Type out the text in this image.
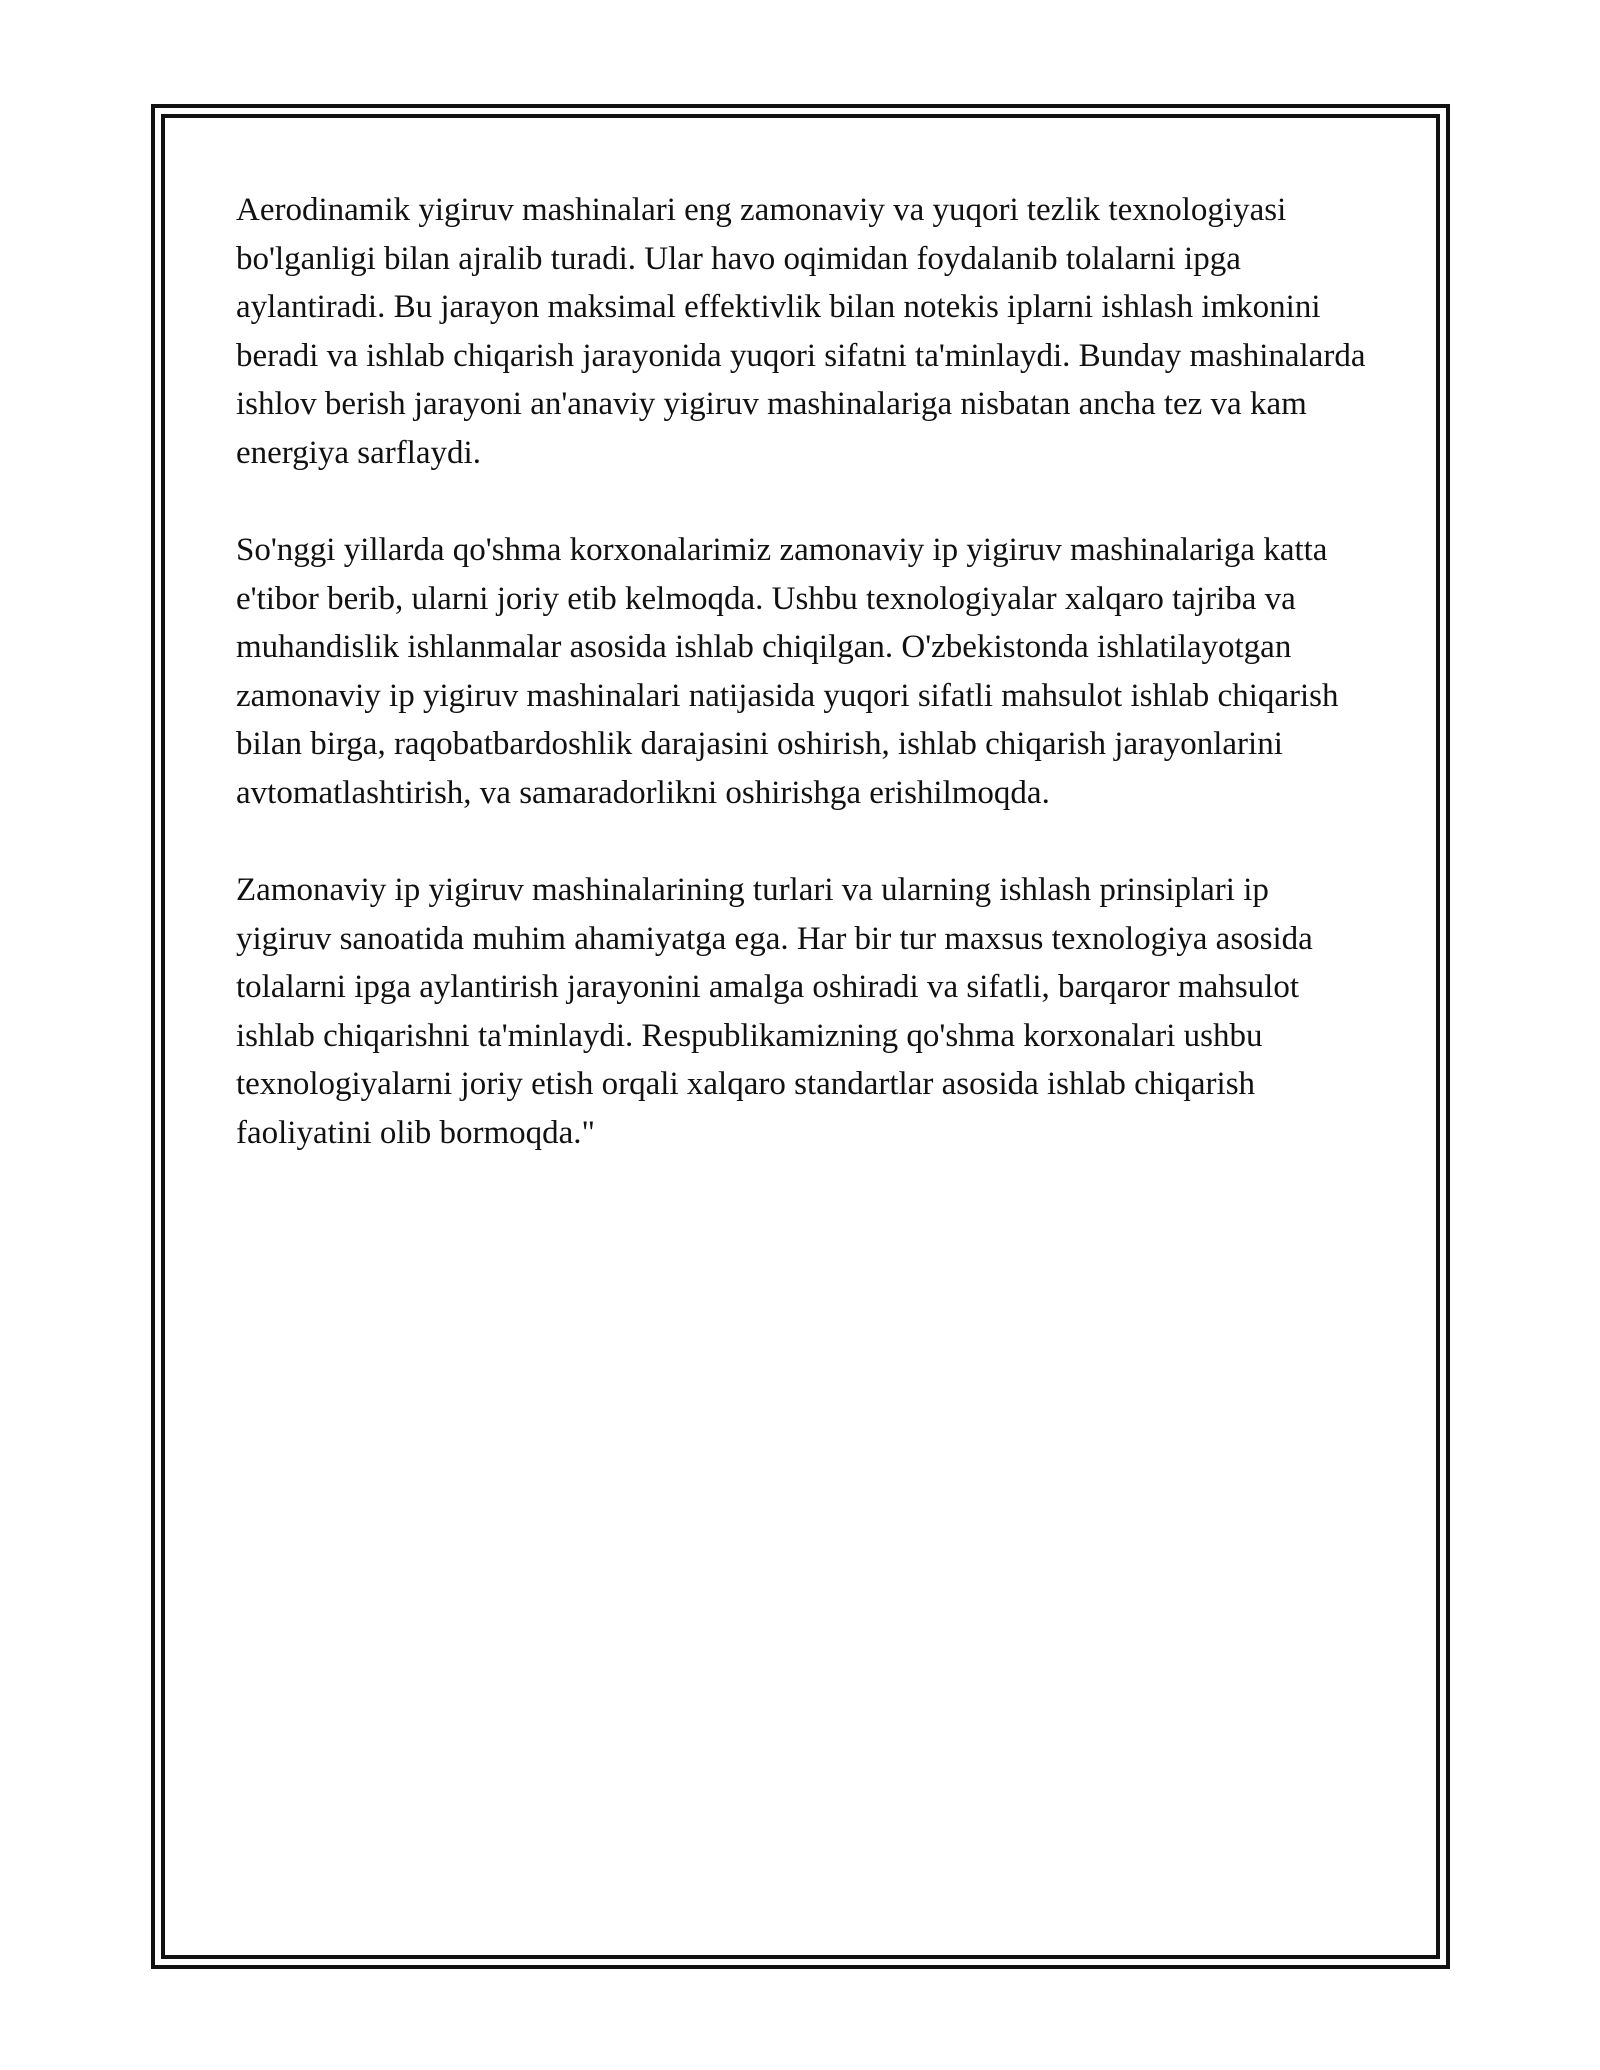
Aerodinamik yigiruv mashinalari eng zamonaviy va yuqori tezlik texnologiyasi bo'lganligi bilan ajralib turadi. Ular havo oqimidan foydalanib tolalarni ipga aylantiradi. Bu jarayon maksimal effektivlik bilan notekis iplarni ishlash imkonini beradi va ishlab chiqarish jarayonida yuqori sifatni ta'minlaydi. Bunday mashinalarda ishlov berish jarayoni an'anaviy yigiruv mashinalariga nisbatan ancha tez va kam energiya sarflaydi.

So'nggi yillarda qo'shma korxonalarimiz zamonaviy ip yigiruv mashinalariga katta e'tibor berib, ularni joriy etib kelmoqda. Ushbu texnologiyalar xalqaro tajriba va muhandislik ishlanmalar asosida ishlab chiqilgan. O'zbekistonda ishlatilayotgan zamonaviy ip yigiruv mashinalari natijasida yuqori sifatli mahsulot ishlab chiqarish bilan birga, raqobatbardoshlik darajasini oshirish, ishlab chiqarish jarayonlarini avtomatlashtirish, va samaradorlikni oshirishga erishilmoqda.

Zamonaviy ip yigiruv mashinalarining turlari va ularning ishlash prinsiplari ip yigiruv sanoatida muhim ahamiyatga ega. Har bir tur maxsus texnologiya asosida tolalarni ipga aylantirish jarayonini amalga oshiradi va sifatli, barqaror mahsulot ishlab chiqarishni ta'minlaydi. Respublikamizning qo'shma korxonalari ushbu texnologiyalarni joriy etish orqali xalqaro standartlar asosida ishlab chiqarish faoliyatini olib bormoqda."
